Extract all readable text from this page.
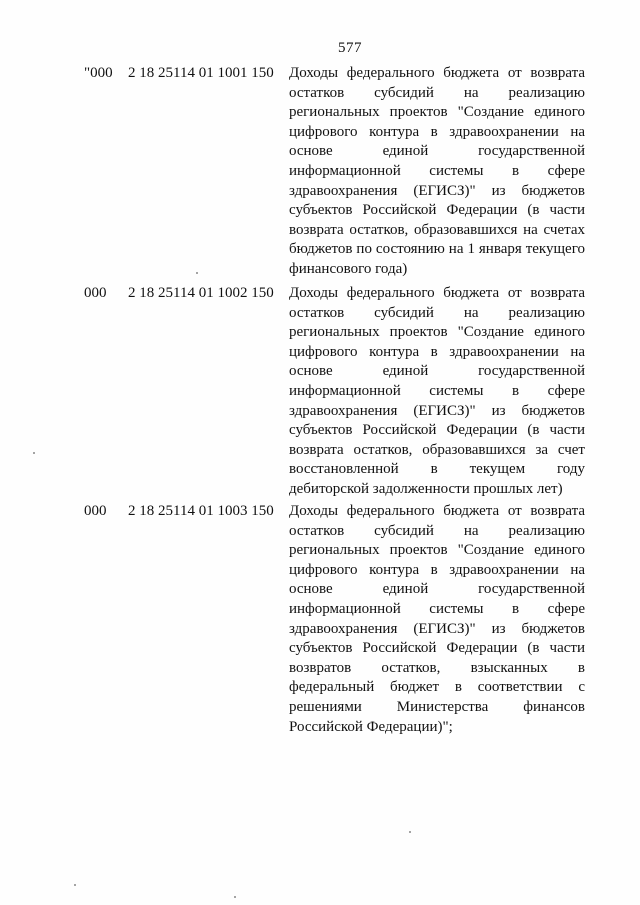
577
"000 2 18 25114 01 1001 150 Доходы федерального бюджета от возврата
остатков субсидий на реализацию
региональных проектов "Создание единого
цифрового контура в здравоохранении на
основе единой государственной
информационной системы в сфере
здравоохранения (ЕГИСЗ)" из бюджетов
субъектов Российской Федерации (в части
возврата остатков, образовавшихся на счетах
бюджетов по состоянию на 1 января текущего
финансового года)
000 2 18 25114 01 1002 150 Доходы федерального бюджета от возврата
остатков субсидий на реализацию
региональных проектов "Создание единого
цифрового контура в здравоохранении на
основе единой государственной
информационной системы в сфере
здравоохранения (ЕГИСЗ)" из бюджетов
субъектов Российской Федерации (в части
возврата остатков, образовавшихся за счет
восстановленной в текущем году
дебиторской задолженности прошлых лет)
000 2 18 25114 01 1003 150 Доходы федерального бюджета от возврата
остатков субсидий на реализацию
региональных проектов "Создание единого
цифрового контура в здравоохранении на
основе единой государственной
информационной системы в сфере
здравоохранения (ЕГИСЗ)" из бюджетов
субъектов Российской Федерации (в части
возвратов остатков, взысканных в
федеральный бюджет в соответствии с
решениями Министерства финансов
Российской Федерации)";
